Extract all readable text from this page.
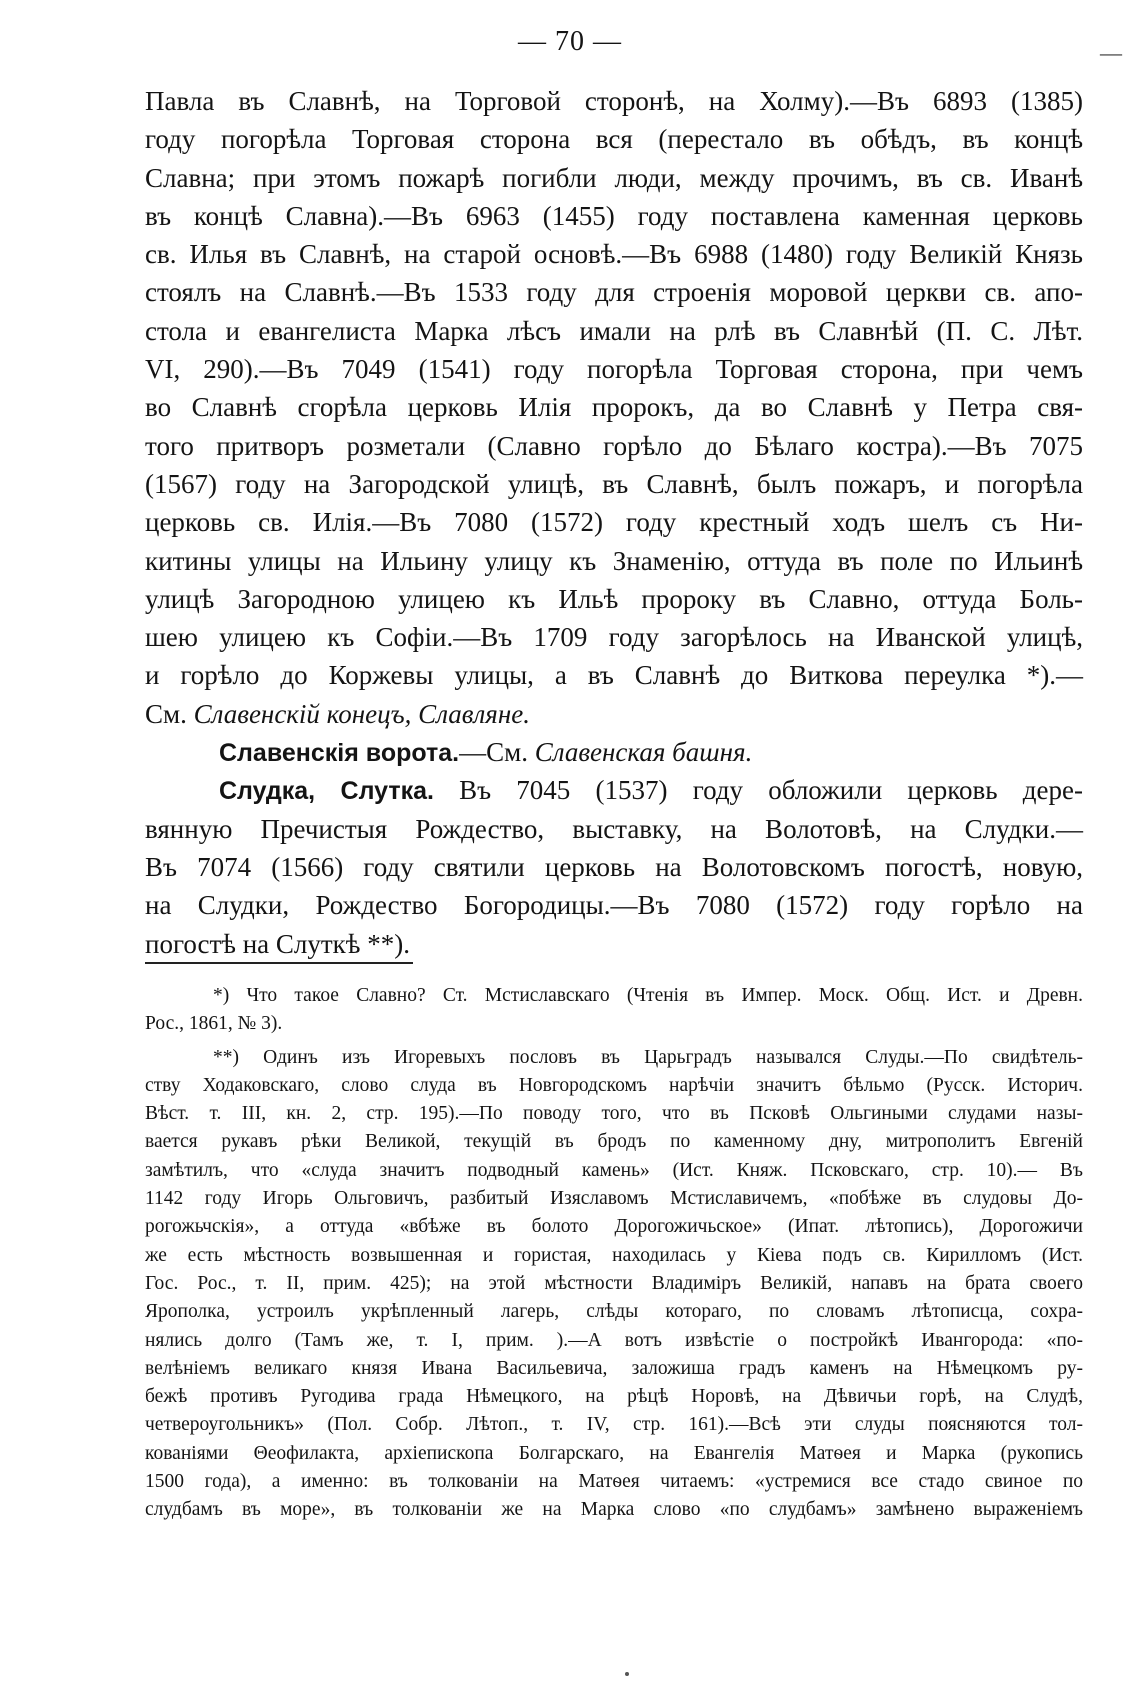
— 70 —	—
Павла въ Славнѣ, на Торговой сторонѣ, на Холму).—Въ 6893 (1385)
году погорѣла Торговая сторона вся (перестало въ обѣдъ, въ концѣ
Славна; при этомъ пожарѣ погибли люди, между прочимъ, въ св. Иванѣ
въ концѣ Славна).—Въ 6963 (1455) году поставлена каменная церковь
св. Илья въ Славнѣ, на старой основѣ.—Въ 6988 (1480) году Великій Князь
стоялъ на Славнѣ.—Въ 1533 году для строенія моровой церкви св. апо-
стола и евангелиста Марка лѣсъ имали на рлѣ въ Славнѣй (П. С. Лѣт.
VI, 290).—Въ 7049 (1541) году погорѣла Торговая сторона, при чемъ
во Славнѣ сгорѣла церковь Илія пророкъ, да во Славнѣ у Петра свя-
того притворъ розметали (Славно горѣло до Бѣлаго костра).—Въ 7075
(1567) году на Загородской улицѣ, въ Славнѣ, былъ пожаръ, и погорѣла
церковь св. Илія.—Въ 7080 (1572) году крестный ходъ шелъ съ Ни-
китины улицы на Ильину улицу къ Знаменію, оттуда въ поле по Ильинѣ
улицѣ Загородною улицею къ Ильѣ пророку въ Славно, оттуда Боль-
шею улицею къ Софіи.—Въ 1709 году загорѣлось на Иванской улицѣ,
и горѣло до Коржевы улицы, а въ Славнѣ до Виткова переулка *).—
См. Славенскій конецъ, Славляне.
Славенскія ворота.—См. Славенская башня.
Слудка, Слутка. Въ 7045 (1537) году обложили церковь дере-
вянную Пречистыя Рождество, выставку, на Волотовѣ, на Слудки.—
Въ 7074 (1566) году святили церковь на Волотовскомъ погостѣ, новую,
на Слудки, Рождество Богородицы.—Въ 7080 (1572) году горѣло на
погостѣ на Слуткѣ **).
*) Что такое Славно? Ст. Мстиславскаго (Чтенія въ Импер. Моск. Общ. Ист. и Древн.
Рос., 1861, № 3).
**) Одинъ изъ Игоревыхъ пословъ въ Царьградъ назывался Слуды.—По свидѣтель-
ству Ходаковскаго, слово слуда въ Новгородскомъ нарѣчіи значитъ бѣльмо (Русск. Историч.
Вѣст. т. III, кн. 2, стр. 195).—По поводу того, что въ Псковѣ Ольгиными слудами назы-
вается рукавъ рѣки Великой, текущій въ бродъ по каменному дну, митрополитъ Евгеній
замѣтилъ, что «слуда значитъ подводный камень» (Ист. Княж. Псковскаго, стр. 10).— Въ
1142 году Игорь Ольговичъ, разбитый Изяславомъ Мстиславичемъ, «побѣже въ слудовы До-
рогожьчскія», а оттуда «вбѣже въ болото Дорогожичьское» (Ипат. лѣтопись), Дорогожичи
же есть мѣстность возвышенная и гористая, находилась у Кіева подъ св. Кирилломъ (Ист.
Гос. Рос., т. II, прим. 425); на этой мѣстности Владиміръ Великій, напавъ на брата своего
Ярополка, устроилъ укрѣпленный лагерь, слѣды котораго, по словамъ лѣтописца, сохра-
нялись долго (Тамъ же, т. I, прим. ).—А вотъ извѣстіе о постройкѣ Ивангорода: «по-
велѣніемъ великаго князя Ивана Васильевича, заложиша градъ каменъ на Нѣмецкомъ ру-
бежѣ противъ Ругодива града Нѣмецкого, на рѣцѣ Норовѣ, на Дѣвичьи горѣ, на Слудѣ,
четвероугольникъ» (Пол. Собр. Лѣтоп., т. IV, стр. 161).—Всѣ эти слуды поясняются тол-
кованіями Θеофилакта, архіепископа Болгарскаго, на Евангелія Матѳея и Марка (рукопись
1500 года), а именно: въ толкованіи на Матѳея читаемъ: «устремися все стадо свиное по
слудбамъ въ море», въ толкованіи же на Марка слово «по слудбамъ» замѣнено выраженіемъ
